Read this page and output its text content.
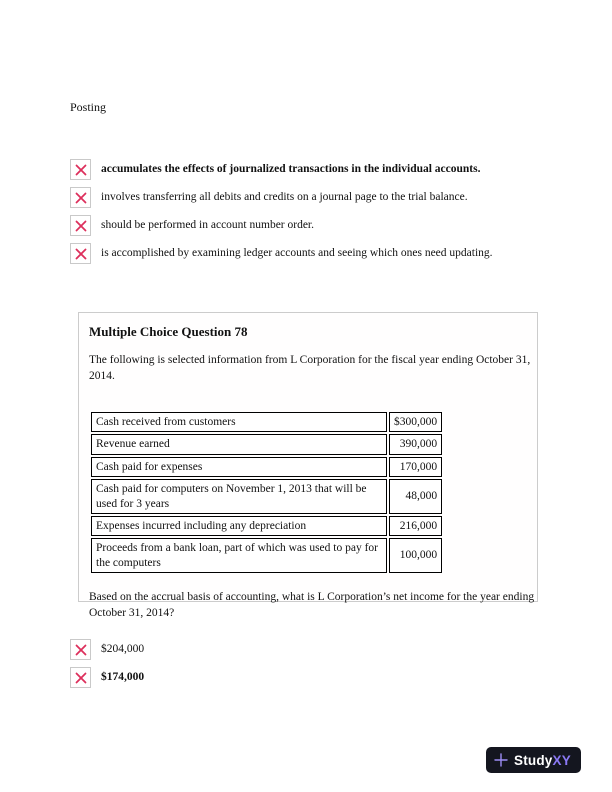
Posting
accumulates the effects of journalized transactions in the individual accounts.
involves transferring all debits and credits on a journal page to the trial balance.
should be performed in account number order.
is accomplished by examining ledger accounts and seeing which ones need updating.
Multiple Choice Question 78
The following is selected information from L Corporation for the fiscal year ending October 31, 2014.
Cash received from customers	$300,000
Revenue earned	390,000
Cash paid for expenses	170,000
Cash paid for computers on November 1, 2013 that will be used for 3 years	48,000
Expenses incurred including any depreciation	216,000
Proceeds from a bank loan, part of which was used to pay for the computers	100,000
Based on the accrual basis of accounting, what is L Corporation’s net income for the year ending October 31, 2014?
$204,000
$174,000
StudyXY
